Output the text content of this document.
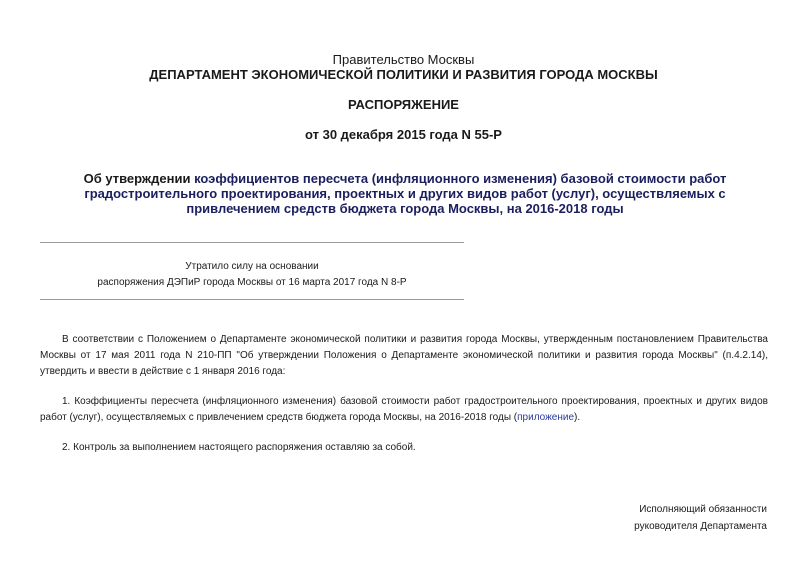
Правительство Москвы
ДЕПАРТАМЕНТ ЭКОНОМИЧЕСКОЙ ПОЛИТИКИ И РАЗВИТИЯ ГОРОДА МОСКВЫ
РАСПОРЯЖЕНИЕ
от 30 декабря 2015 года N 55-Р
Об утверждении коэффициентов пересчета (инфляционного изменения) базовой стоимости работ градостроительного проектирования, проектных и других видов работ (услуг), осуществляемых с привлечением средств бюджета города Москвы, на 2016-2018 годы
Утратило силу на основании
распоряжения ДЭПиР города Москвы от 16 марта 2017 года N 8-Р
В соответствии с Положением о Департаменте экономической политики и развития города Москвы, утвержденным постановлением Правительства Москвы от 17 мая 2011 года N 210-ПП "Об утверждении Положения о Департаменте экономической политики и развития города Москвы" (п.4.2.14), утвердить и ввести в действие с 1 января 2016 года:
1. Коэффициенты пересчета (инфляционного изменения) базовой стоимости работ градостроительного проектирования, проектных и других видов работ (услуг), осуществляемых с привлечением средств бюджета города Москвы, на 2016-2018 годы (приложение).
2. Контроль за выполнением настоящего распоряжения оставляю за собой.
Исполняющий обязанности
руководителя Департамента
